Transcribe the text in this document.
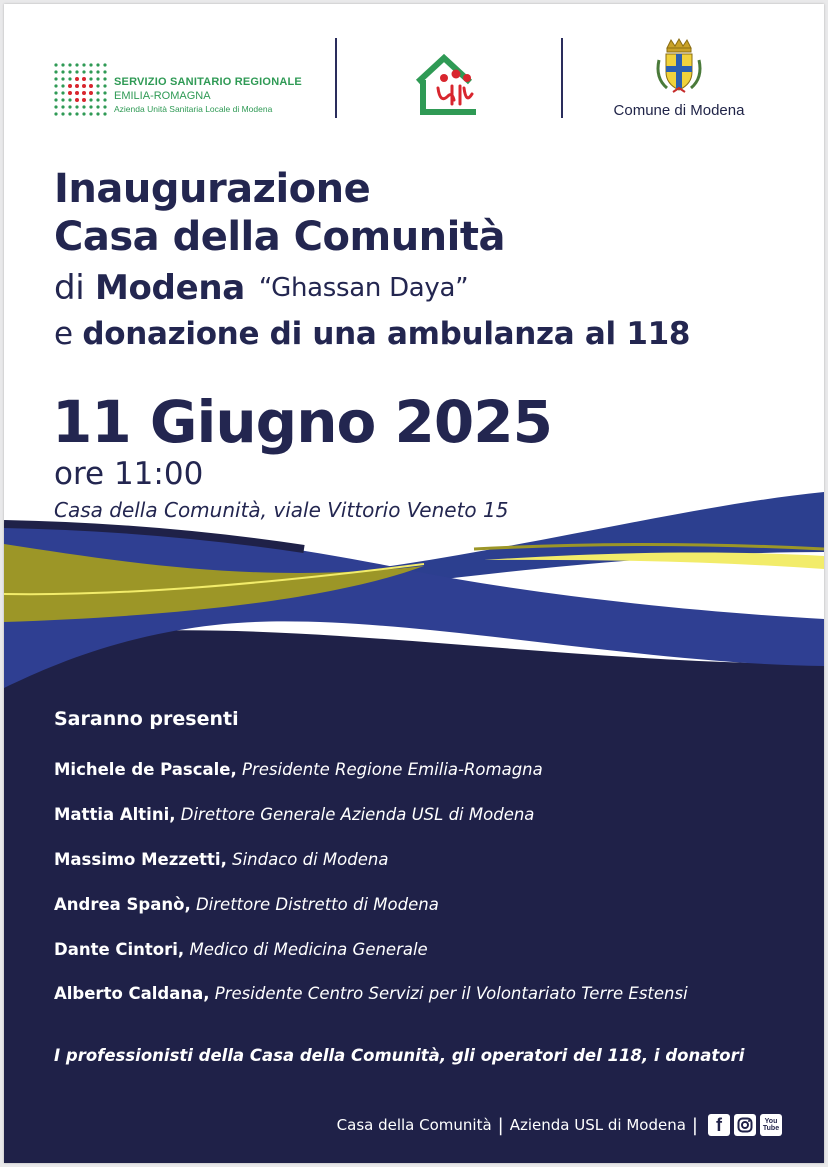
SERVIZIO SANITARIO REGIONALE
EMILIA-ROMAGNA
Azienda Unità Sanitaria Locale di Modena	Comune di Modena
Inaugurazione
Casa della Comunità
di Modena “Ghassan Daya”
e donazione di una ambulanza al 118
11 Giugno 2025
ore 11:00
Casa della Comunità, viale Vittorio Veneto 15
Saranno presenti
Michele de Pascale, Presidente Regione Emilia-Romagna
Mattia Altini, Direttore Generale Azienda USL di Modena
Massimo Mezzetti, Sindaco di Modena
Andrea Spanò, Direttore Distretto di Modena
Dante Cintori, Medico di Medicina Generale
Alberto Caldana, Presidente Centro Servizi per il Volontariato Terre Estensi
I professionisti della Casa della Comunità, gli operatori del 118, i donatori
Casa della Comunità | Azienda USL di Modena |	f	You
Tube
